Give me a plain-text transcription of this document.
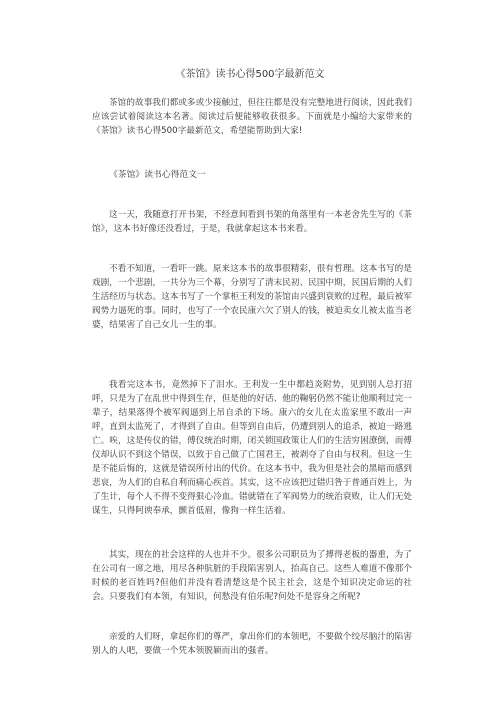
《茶馆》读书心得500字最新范文

茶馆的故事我们都或多或少接触过，但往往都是没有完整地进行阅读，因此我们应该尝试着阅读这本名著。阅读过后便能够收获很多。下面就是小编给大家带来的《茶馆》读书心得500字最新范文，希望能帮助到大家!

《茶馆》读书心得范文一

这一天，我随意打开书架，不经意间看到书架的角落里有一本老舍先生写的《茶馆》，这本书好像还没看过，于是，我就拿起这本书来看。

不看不知道，一看吓一跳。原来这本书的故事很精彩，很有哲理。这本书写的是戏剧，一个悲剧，一共分为三个幕，分别写了清末民初、民国中期，民国后期的人们生活经历与状态。这本书写了一个掌柜王利发的茶馆由兴盛到衰败的过程，最后被军阀势力逼死的事。同时，也写了一个农民康六欠了别人的钱，被迫卖女儿被太监当老婆，结果害了自己女儿一生的事。

我看完这本书，竟然掉下了泪水。王利发一生中都趋炎附势，见到别人总打招呼，只是为了在乱世中得到生存，但是他的好话、他的鞠躬仍然不能让他顺利过完一辈子，结果落得个被军阀逼到上吊自杀的下场。康六的女儿在太监家里不敢出一声呼，直到太监死了，才得到了自由。但等到自由后，仍遭到别人的追杀，被迫一路逃亡。唉，这是传仪的错，傅仪统治时期，闭关锁国政策让人们的生活穷困潦倒，而傅仪却认识不到这个错误，以致于自己做了亡国君王，被剥夺了自由与权利。但这一生是不能后悔的，这就是错误所付出的代价。在这本书中，我为但是社会的黑暗而感到悲哀，为人们的自私自利而痛心疾首。其实，这不应该把过错归咎于普通百姓上，为了生计，每个人不得不变得狠心冷血。错就错在了军阀势力的统治衰败，让人们无处谋生，只得阿谀奉承，颤首低眉，像狗一样生活着。

其实，现在的社会这样的人也并不少。很多公司职员为了搏得老板的器重，为了在公司有一席之地，用尽各种肮脏的手段陷害别人，抬高自己。这些人难道不像那个时候的老百姓吗?但他们并没有看清楚这是个民主社会，这是个知识决定命运的社会。只要我们有本领，有知识，何愁没有伯乐呢?何处不是容身之所呢?

亲爱的人们呀，拿起你们的尊严，拿出你们的本领吧，不要做个绞尽脑汁的陷害别人的人吧，要做一个凭本领脱颖而出的强者。
